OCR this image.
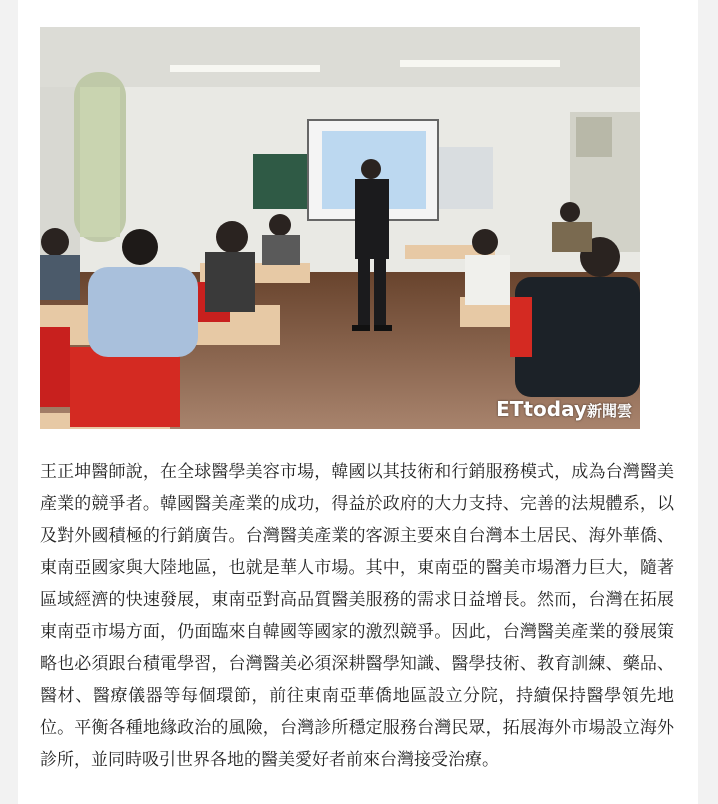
ETtoday新聞雲

王正坤醫師說，在全球醫學美容市場，韓國以其技術和行銷服務模式，成為台灣醫美產業的競爭者。韓國醫美產業的成功，得益於政府的大力支持、完善的法規體系，以及對外國積極的行銷廣告。台灣醫美產業的客源主要來自台灣本土居民、海外華僑、東南亞國家與大陸地區，也就是華人市場。其中，東南亞的醫美市場潛力巨大，隨著區域經濟的快速發展，東南亞對高品質醫美服務的需求日益增長。然而，台灣在拓展東南亞市場方面，仍面臨來自韓國等國家的激烈競爭。因此，台灣醫美產業的發展策略也必須跟台積電學習，台灣醫美必須深耕醫學知識、醫學技術、教育訓練、藥品、醫材、醫療儀器等每個環節，前往東南亞華僑地區設立分院，持續保持醫學領先地位。平衡各種地緣政治的風險，台灣診所穩定服務台灣民眾，拓展海外市場設立海外診所，並同時吸引世界各地的醫美愛好者前來台灣接受治療。
